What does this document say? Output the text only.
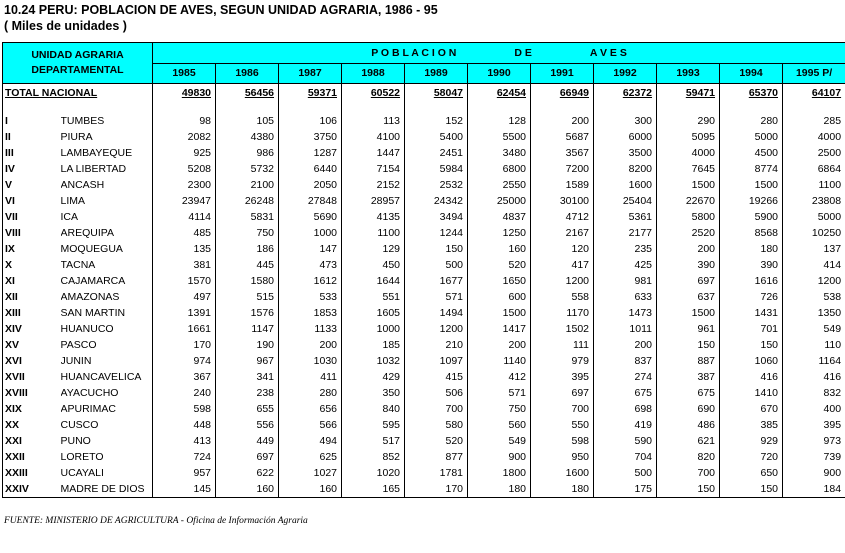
10.24 PERU: POBLACION DE AVES, SEGUN UNIDAD AGRARIA, 1986 - 95
( Miles de unidades )
UNIDAD AGRARIA
DEPARTAMENTAL		P O B L A C I O N D E A V E S										
		1985	1986	1987	1988	1989	1990	1991	1992	1993	1994	1995 P/
TOTAL NACIONAL		49830	56456	59371	60522	58047	62454	66949	62372	59471	65370	64107

I	TUMBES	98	105	106	113	152	128	200	300	290	280	285
II	PIURA	2082	4380	3750	4100	5400	5500	5687	6000	5095	5000	4000
III	LAMBAYEQUE	925	986	1287	1447	2451	3480	3567	3500	4000	4500	2500
IV	LA LIBERTAD	5208	5732	6440	7154	5984	6800	7200	8200	7645	8774	6864
V	ANCASH	2300	2100	2050	2152	2532	2550	1589	1600	1500	1500	1100
VI	LIMA	23947	26248	27848	28957	24342	25000	30100	25404	22670	19266	23808
VII	ICA	4114	5831	5690	4135	3494	4837	4712	5361	5800	5900	5000
VIII	AREQUIPA	485	750	1000	1100	1244	1250	2167	2177	2520	8568	10250
IX	MOQUEGUA	135	186	147	129	150	160	120	235	200	180	137
X	TACNA	381	445	473	450	500	520	417	425	390	390	414
XI	CAJAMARCA	1570	1580	1612	1644	1677	1650	1200	981	697	1616	1200
XII	AMAZONAS	497	515	533	551	571	600	558	633	637	726	538
XIII	SAN MARTIN	1391	1576	1853	1605	1494	1500	1170	1473	1500	1431	1350
XIV	HUANUCO	1661	1147	1133	1000	1200	1417	1502	1011	961	701	549
XV	PASCO	170	190	200	185	210	200	111	200	150	150	110
XVI	JUNIN	974	967	1030	1032	1097	1140	979	837	887	1060	1164
XVII	HUANCAVELICA	367	341	411	429	415	412	395	274	387	416	416
XVIII	AYACUCHO	240	238	280	350	506	571	697	675	675	1410	832
XIX	APURIMAC	598	655	656	840	700	750	700	698	690	670	400
XX	CUSCO	448	556	566	595	580	560	550	419	486	385	395
XXI	PUNO	413	449	494	517	520	549	598	590	621	929	973
XXII	LORETO	724	697	625	852	877	900	950	704	820	720	739
XXIII	UCAYALI	957	622	1027	1020	1781	1800	1600	500	700	650	900
XXIV	MADRE DE DIOS	145	160	160	165	170	180	180	175	150	150	184
FUENTE: MINISTERIO DE AGRICULTURA - Oficina de Información Agraria
